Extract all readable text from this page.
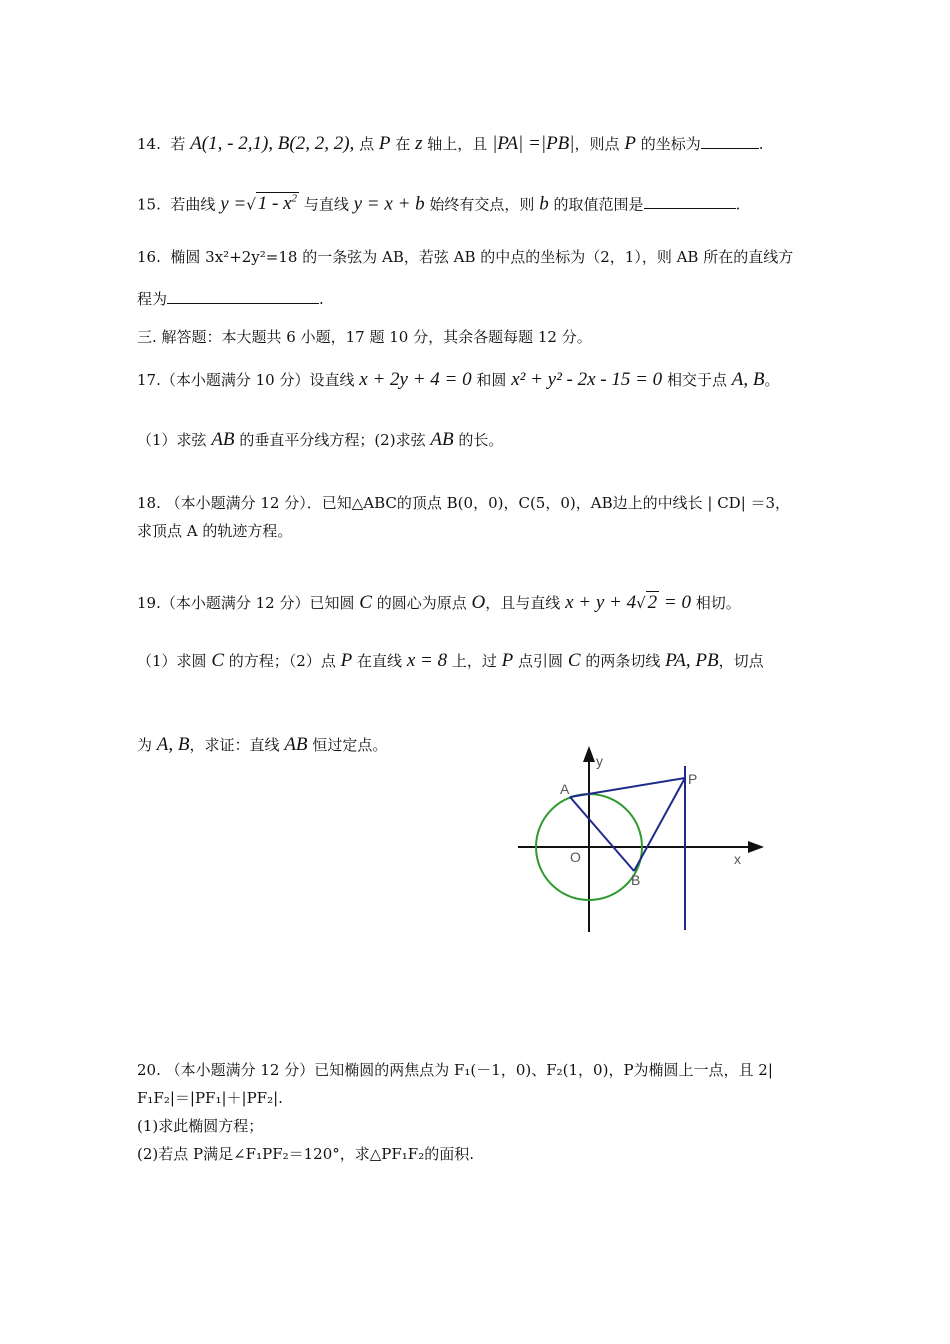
14. 若 A(1, - 2,1), B(2, 2, 2), 点 P 在 z 轴上，且 |PA| =|PB|，则点 P 的坐标为	.
15. 若曲线 y =√ $1 - x^2$ 与直线 y = x + b 始终有交点，则 b 的取值范围是	.
16. 椭圆 3x²+2y²=18 的一条弦为 AB，若弦 AB 的中点的坐标为（2，1），则 AB 所在的直线方
程为	.
三. 解答题：本大题共 6 小题，17 题 10 分，其余各题每题 12 分。
17.（本小题满分 10 分）设直线 x + 2y + 4 = 0 和圆 x² + y² - 2x - 15 = 0 相交于点 A, B。
（1）求弦 AB 的垂直平分线方程；(2)求弦 AB 的长。
18. （本小题满分 12 分）．已知△ABC的顶点 B(0，0)，C(5，0)，AB边上的中线长 | CD| ＝3，
求顶点 A 的轨迹方程。
19.（本小题满分 12 分）已知圆 C 的圆心为原点 O，且与直线 x + y + 4√ 2 = 0 相切。
（1）求圆 C 的方程；（2）点 P 在直线 x = 8 上，过 P 点引圆 C 的两条切线 PA, PB，切点
为 A, B，求证：直线 AB 恒过定点。
y
x
O
A
B
P
20. （本小题满分 12 分）已知椭圆的两焦点为 F₁(－1，0)、F₂(1，0)，P为椭圆上一点，且 2|
F₁F₂|＝|PF₁|＋|PF₂|.
(1)求此椭圆方程；
(2)若点 P满足∠F₁PF₂＝120°，求△PF₁F₂的面积.
